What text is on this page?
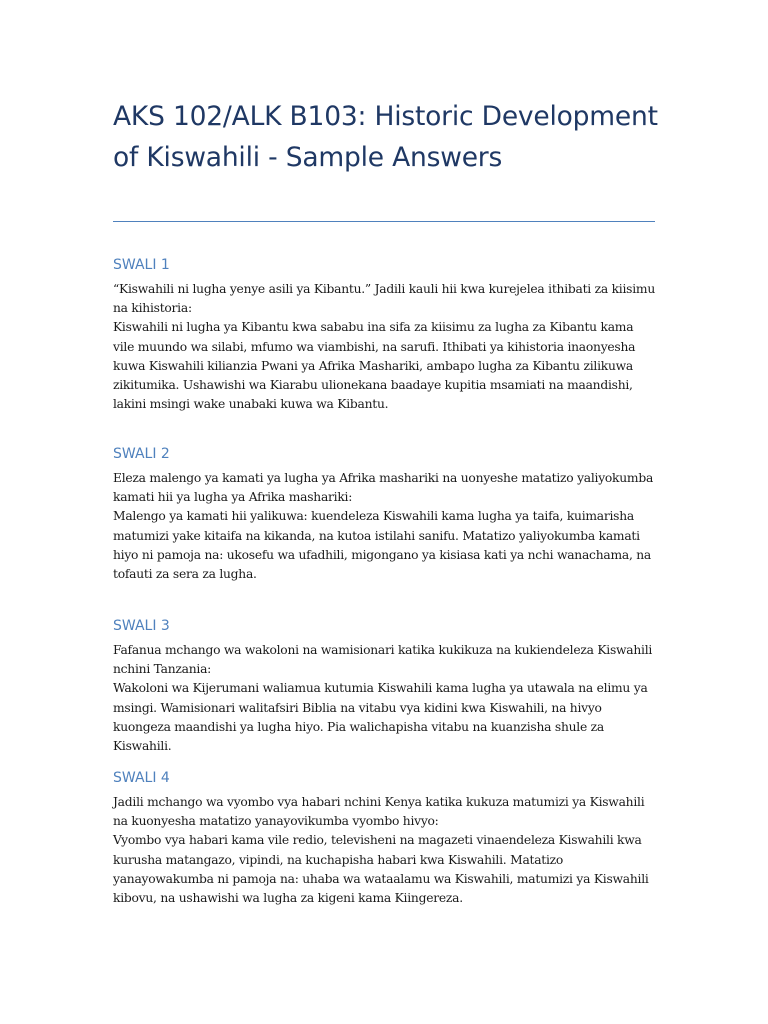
AKS 102/ALK B103: Historic Development of Kiswahili - Sample Answers
SWALI 1

“Kiswahili ni lugha yenye asili ya Kibantu.” Jadili kauli hii kwa kurejelea ithibati za kiisimu na kihistoria:

Kiswahili ni lugha ya Kibantu kwa sababu ina sifa za kiisimu za lugha za Kibantu kama vile muundo wa silabi, mfumo wa viambishi, na sarufi. Ithibati ya kihistoria inaonyesha kuwa Kiswahili kilianzia Pwani ya Afrika Mashariki, ambapo lugha za Kibantu zilikuwa zikitumika. Ushawishi wa Kiarabu ulionekana baadaye kupitia msamiati na maandishi, lakini msingi wake unabaki kuwa wa Kibantu.

SWALI 2

Eleza malengo ya kamati ya lugha ya Afrika mashariki na uonyeshe matatizo yaliyokumba kamati hii ya lugha ya Afrika mashariki:

Malengo ya kamati hii yalikuwa: kuendeleza Kiswahili kama lugha ya taifa, kuimarisha matumizi yake kitaifa na kikanda, na kutoa istilahi sanifu. Matatizo yaliyokumba kamati hiyo ni pamoja na: ukosefu wa ufadhili, migongano ya kisiasa kati ya nchi wanachama, na tofauti za sera za lugha.

SWALI 3

Fafanua mchango wa wakoloni na wamisionari katika kukikuza na kukiendeleza Kiswahili nchini Tanzania:

Wakoloni wa Kijerumani waliamua kutumia Kiswahili kama lugha ya utawala na elimu ya msingi. Wamisionari walitafsiri Biblia na vitabu vya kidini kwa Kiswahili, na hivyo kuongeza maandishi ya lugha hiyo. Pia walichapisha vitabu na kuanzisha shule za Kiswahili.

SWALI 4

Jadili mchango wa vyombo vya habari nchini Kenya katika kukuza matumizi ya Kiswahili na kuonyesha matatizo yanayovikumba vyombo hivyo:

Vyombo vya habari kama vile redio, televisheni na magazeti vinaendeleza Kiswahili kwa kurusha matangazo, vipindi, na kuchapisha habari kwa Kiswahili. Matatizo yanayowakumba ni pamoja na: uhaba wa wataalamu wa Kiswahili, matumizi ya Kiswahili kibovu, na ushawishi wa lugha za kigeni kama Kiingereza.
